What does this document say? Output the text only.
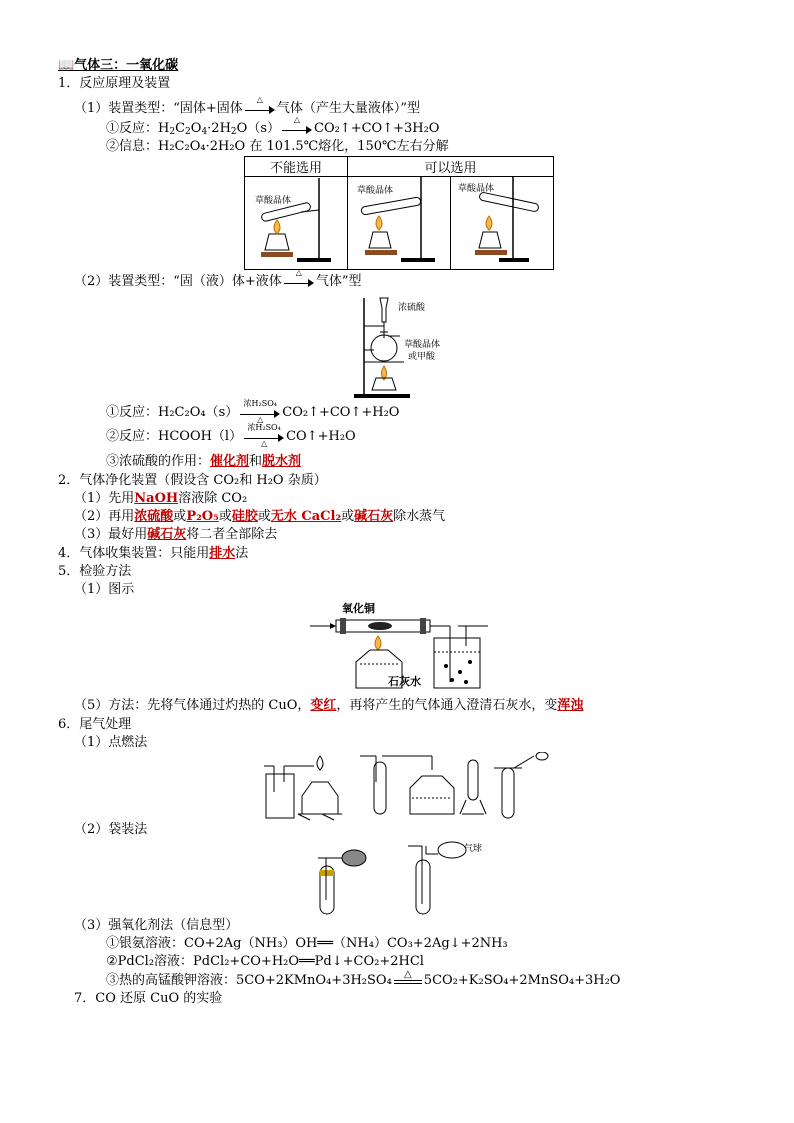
📖气体三：一氧化碳
1．反应原理及装置
（1）装置类型：“固体+固体
△
气体（产生大量液体）”型
①反应：$H_2C_2O_4\cdot 2H_2O(s)$
△
CO₂↑+CO↑+3H₂O
②信息：H₂C₂O₄·2H₂O 在 101.5℃熔化，150℃左右分解
不能选用	可以选用	

草酸晶体
草酸晶体	草酸晶体
（2）装置类型：“固（液）体+液体
△
气体”型
浓硫酸
草酸晶体
或甲酸
①反应：H₂C₂O₄（s）
浓H₂SO₄
△	CO₂↑+CO↑+H₂O
②反应：HCOOH（l）
浓H₂SO₄
△	CO↑+H₂O
③浓硫酸的作用：催化剂和脱水剂
2．气体净化装置（假设含 CO₂和 H₂O 杂质）
（1）先用NaOH溶液除 CO₂
（2）再用浓硫酸或P₂O₅或硅胶或无水 CaCl₂或碱石灰除水蒸气
（3）最好用碱石灰将二者全部除去
4．气体收集装置：只能用排水法
5．检验方法
（1）图示
氧化铜
石灰水
（5）方法：先将气体通过灼热的 CuO，变红，再将产生的气体通入澄清石灰水，变浑浊
6．尾气处理
（1）点燃法
（2）袋装法
气球
（3）强氧化剂法（信息型）
①银氨溶液：CO+2Ag（NH₃）OH══（NH₄）CO₃+2Ag↓+2NH₃
②PdCl₂溶液：PdCl₂+CO+H₂O══Pd↓+CO₂+2HCl
③热的高锰酸钾溶液：5CO+2KMnO₄+3H₂SO₄	△ 5CO₂+K₂SO₄+2MnSO₄+3H₂O
7．CO 还原 CuO 的实验
